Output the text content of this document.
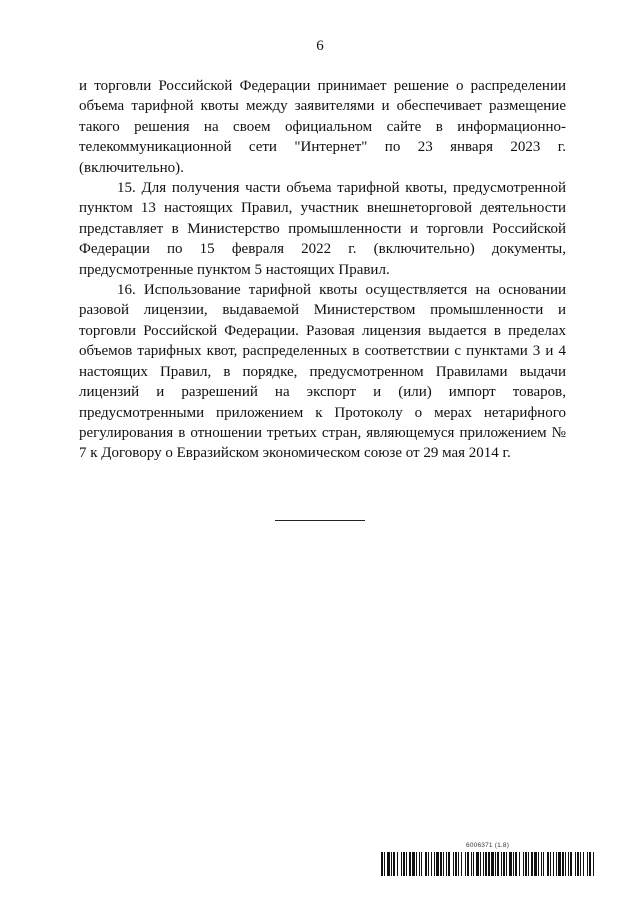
6

и торговли Российской Федерации принимает решение о распределении объема тарифной квоты между заявителями и обеспечивает размещение такого решения на своем официальном сайте в информационно-телекоммуникационной сети "Интернет" по 23 января 2023 г. (включительно).

15. Для получения части объема тарифной квоты, предусмотренной пунктом 13 настоящих Правил, участник внешнеторговой деятельности представляет в Министерство промышленности и торговли Российской Федерации по 15 февраля 2022 г. (включительно) документы, предусмотренные пунктом 5 настоящих Правил.

16. Использование тарифной квоты осуществляется на основании разовой лицензии, выдаваемой Министерством промышленности и торговли Российской Федерации. Разовая лицензия выдается в пределах объемов тарифных квот, распределенных в соответствии с пунктами 3 и 4 настоящих Правил, в порядке, предусмотренном Правилами выдачи лицензий и разрешений на экспорт и (или) импорт товаров, предусмотренными приложением к Протоколу о мерах нетарифного регулирования в отношении третьих стран, являющемуся приложением № 7 к Договору о Евразийском экономическом союзе от 29 мая 2014 г.

6006371 (1.8)
